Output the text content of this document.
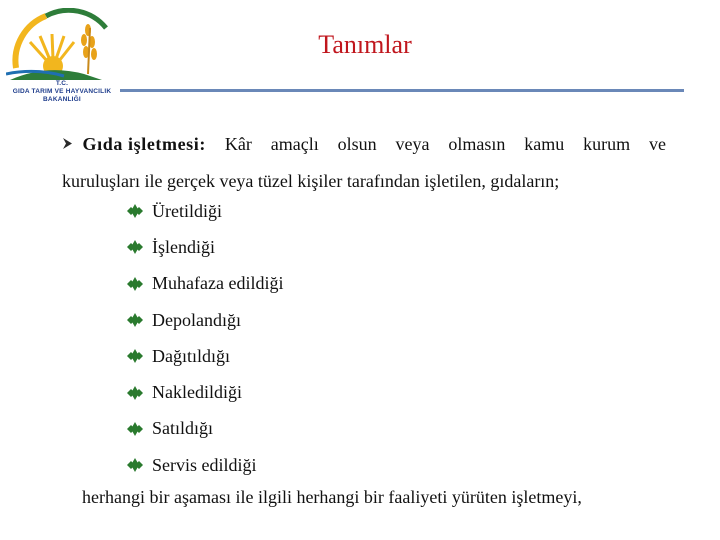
T.C.
GIDA TARIM VE HAYVANCILIK
BAKANLIĞI
Tanımlar
Gıda işletmesi: Kâr amaçlı olsun veya olmasın kamu kurum ve
kuruluşları ile gerçek veya tüzel kişiler tarafından işletilen, gıdaların;
Üretildiği
İşlendiği
Muhafaza edildiği
Depolandığı
Dağıtıldığı
Nakledildiği
Satıldığı
Servis edildiği
herhangi bir aşaması ile ilgili herhangi bir faaliyeti yürüten işletmeyi,
